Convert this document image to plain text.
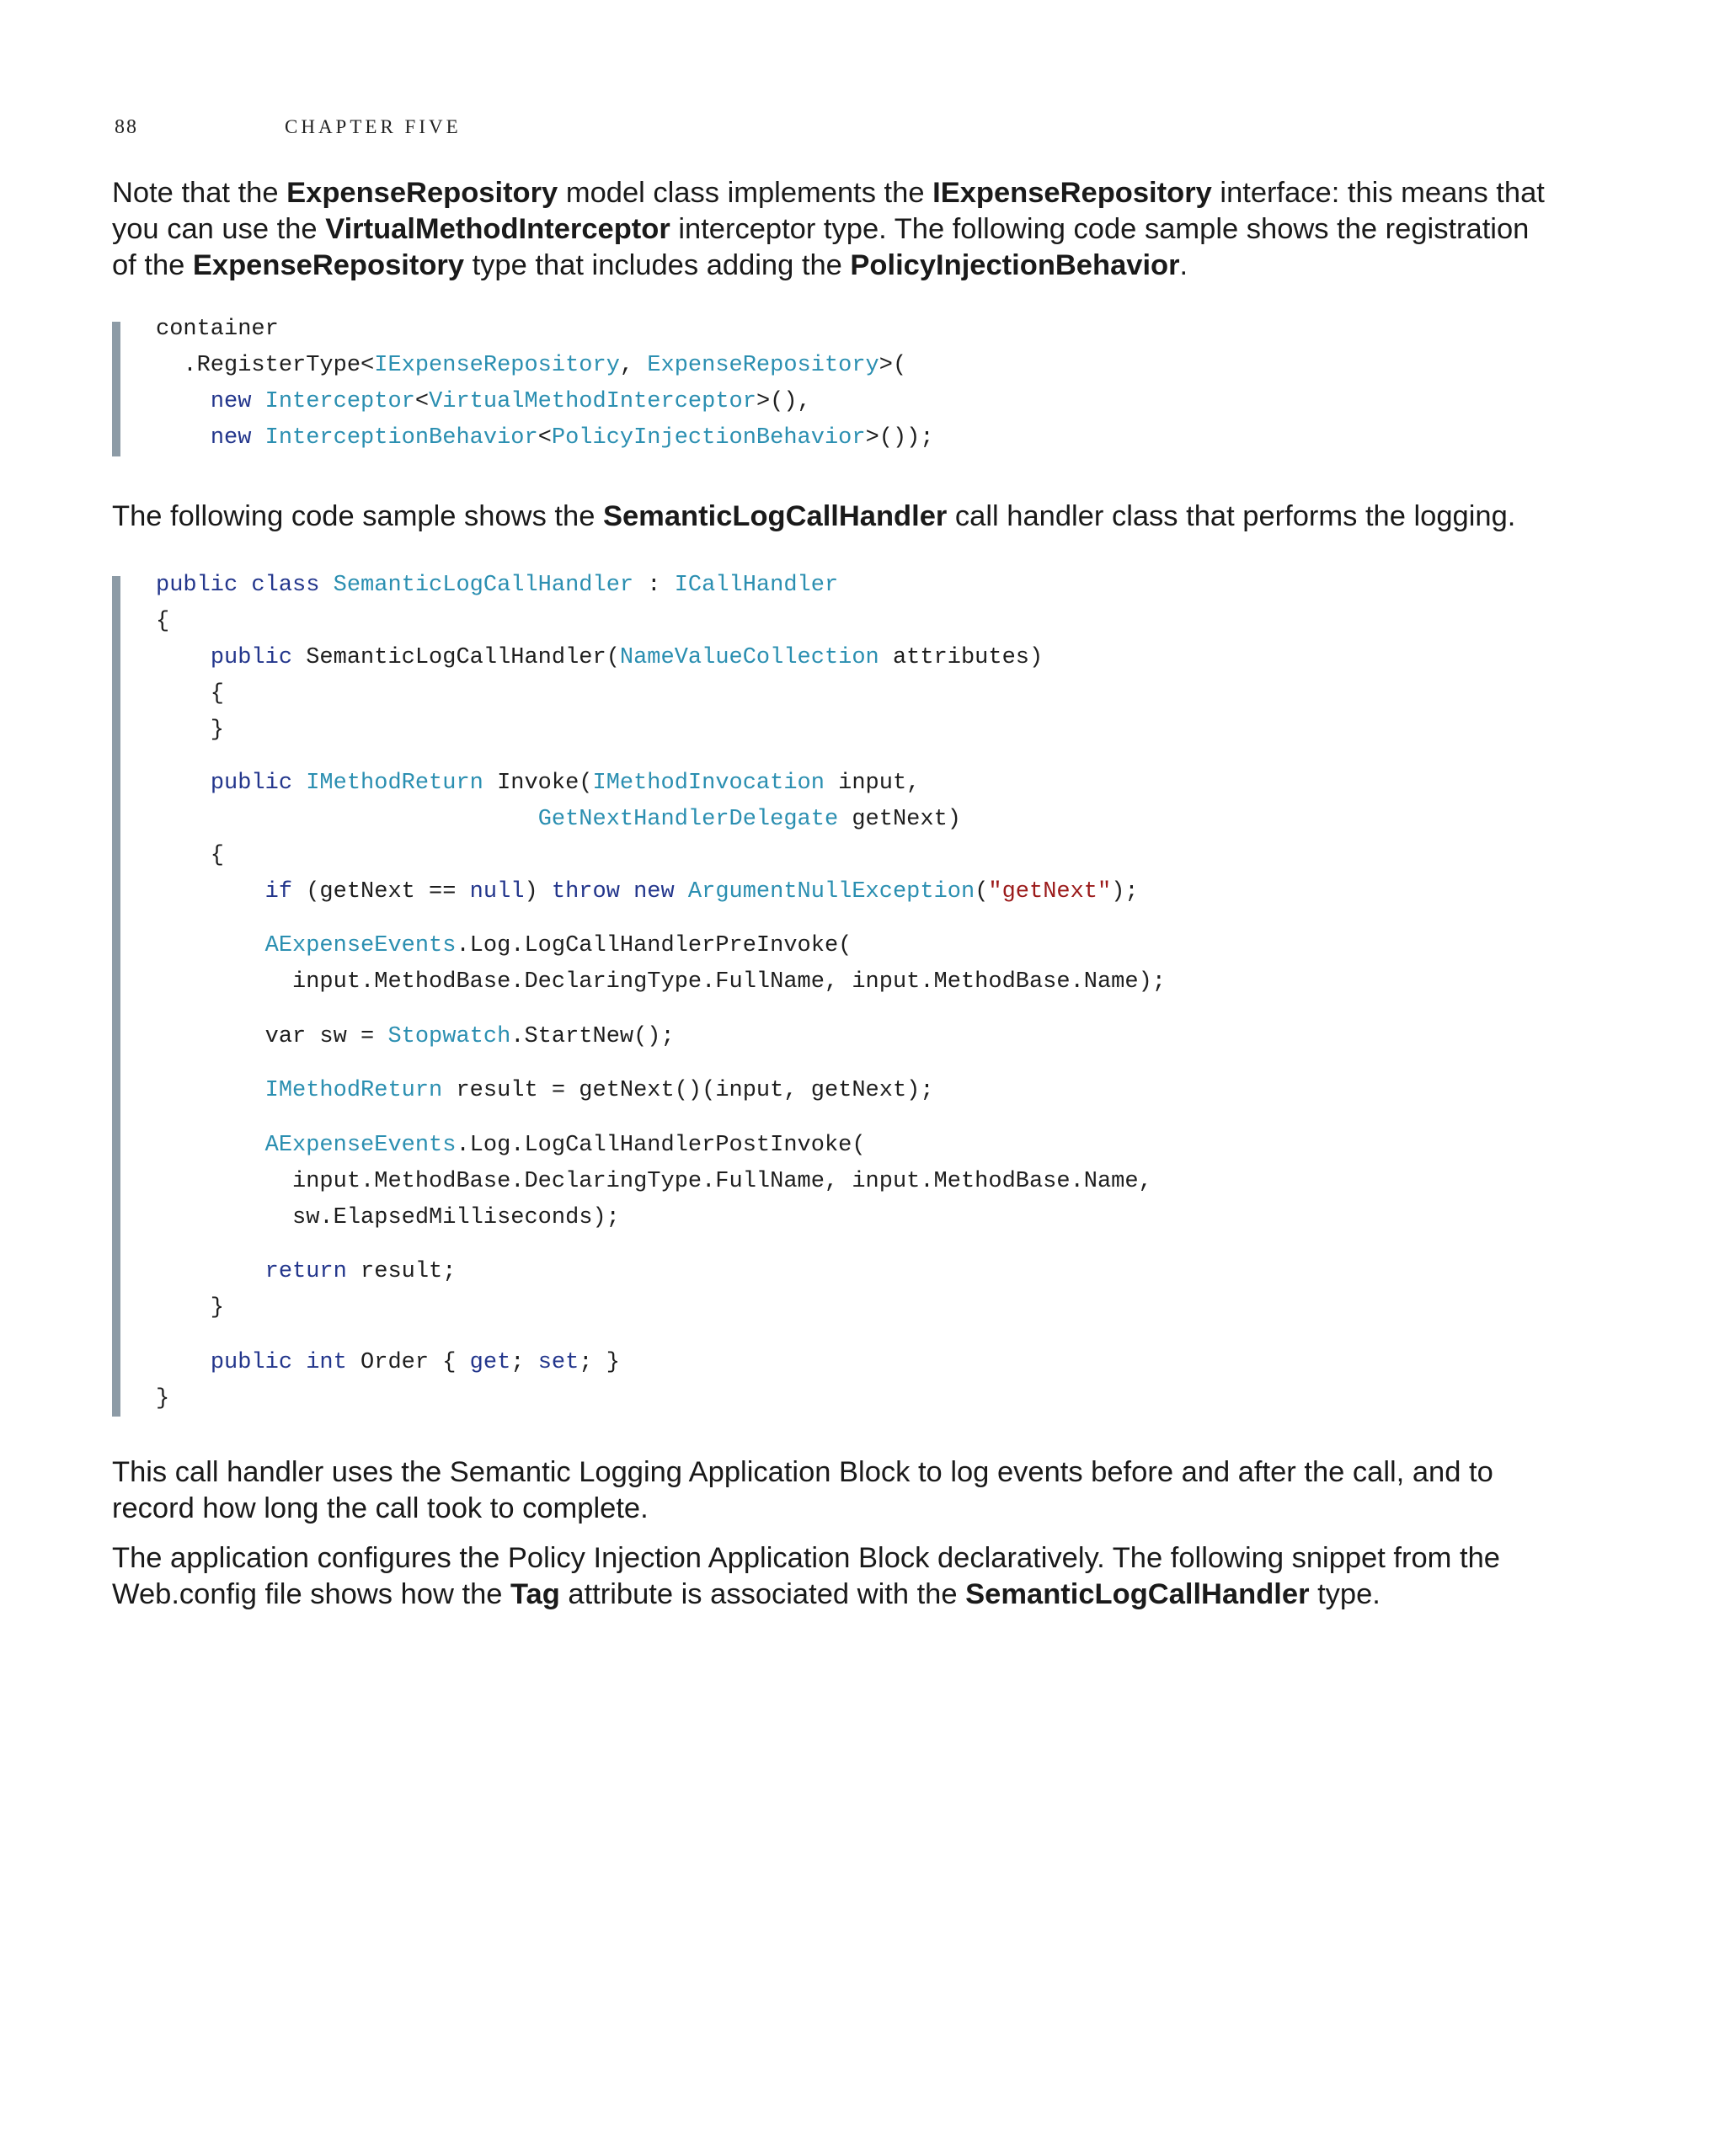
88	CHAPTER FIVE

Note that the ExpenseRepository model class implements the IExpenseRepository interface: this means that you can use the VirtualMethodInterceptor interceptor type. The following code sample shows the registration of the ExpenseRepository type that includes adding the PolicyInjectionBehavior.

container
.RegisterType<IExpenseRepository, ExpenseRepository>(
new Interceptor<VirtualMethodInterceptor>(),
new InterceptionBehavior<PolicyInjectionBehavior>());

The following code sample shows the SemanticLogCallHandler call handler class that performs the logging.

public class SemanticLogCallHandler : ICallHandler
{
public SemanticLogCallHandler(NameValueCollection attributes)
{
}
public IMethodReturn Invoke(IMethodInvocation input,
GetNextHandlerDelegate getNext)
{
if (getNext == null) throw new ArgumentNullException("getNext");
AExpenseEvents.Log.LogCallHandlerPreInvoke(
input.MethodBase.DeclaringType.FullName, input.MethodBase.Name);
var sw = Stopwatch.StartNew();
IMethodReturn result = getNext()(input, getNext);
AExpenseEvents.Log.LogCallHandlerPostInvoke(
input.MethodBase.DeclaringType.FullName, input.MethodBase.Name,
sw.ElapsedMilliseconds);
return result;
}
public int Order { get; set; }
}

This call handler uses the Semantic Logging Application Block to log events before and after the call, and to record how long the call took to complete.

The application configures the Policy Injection Application Block declaratively. The following snippet from the Web.config file shows how the Tag attribute is associated with the SemanticLogCallHandler type.
